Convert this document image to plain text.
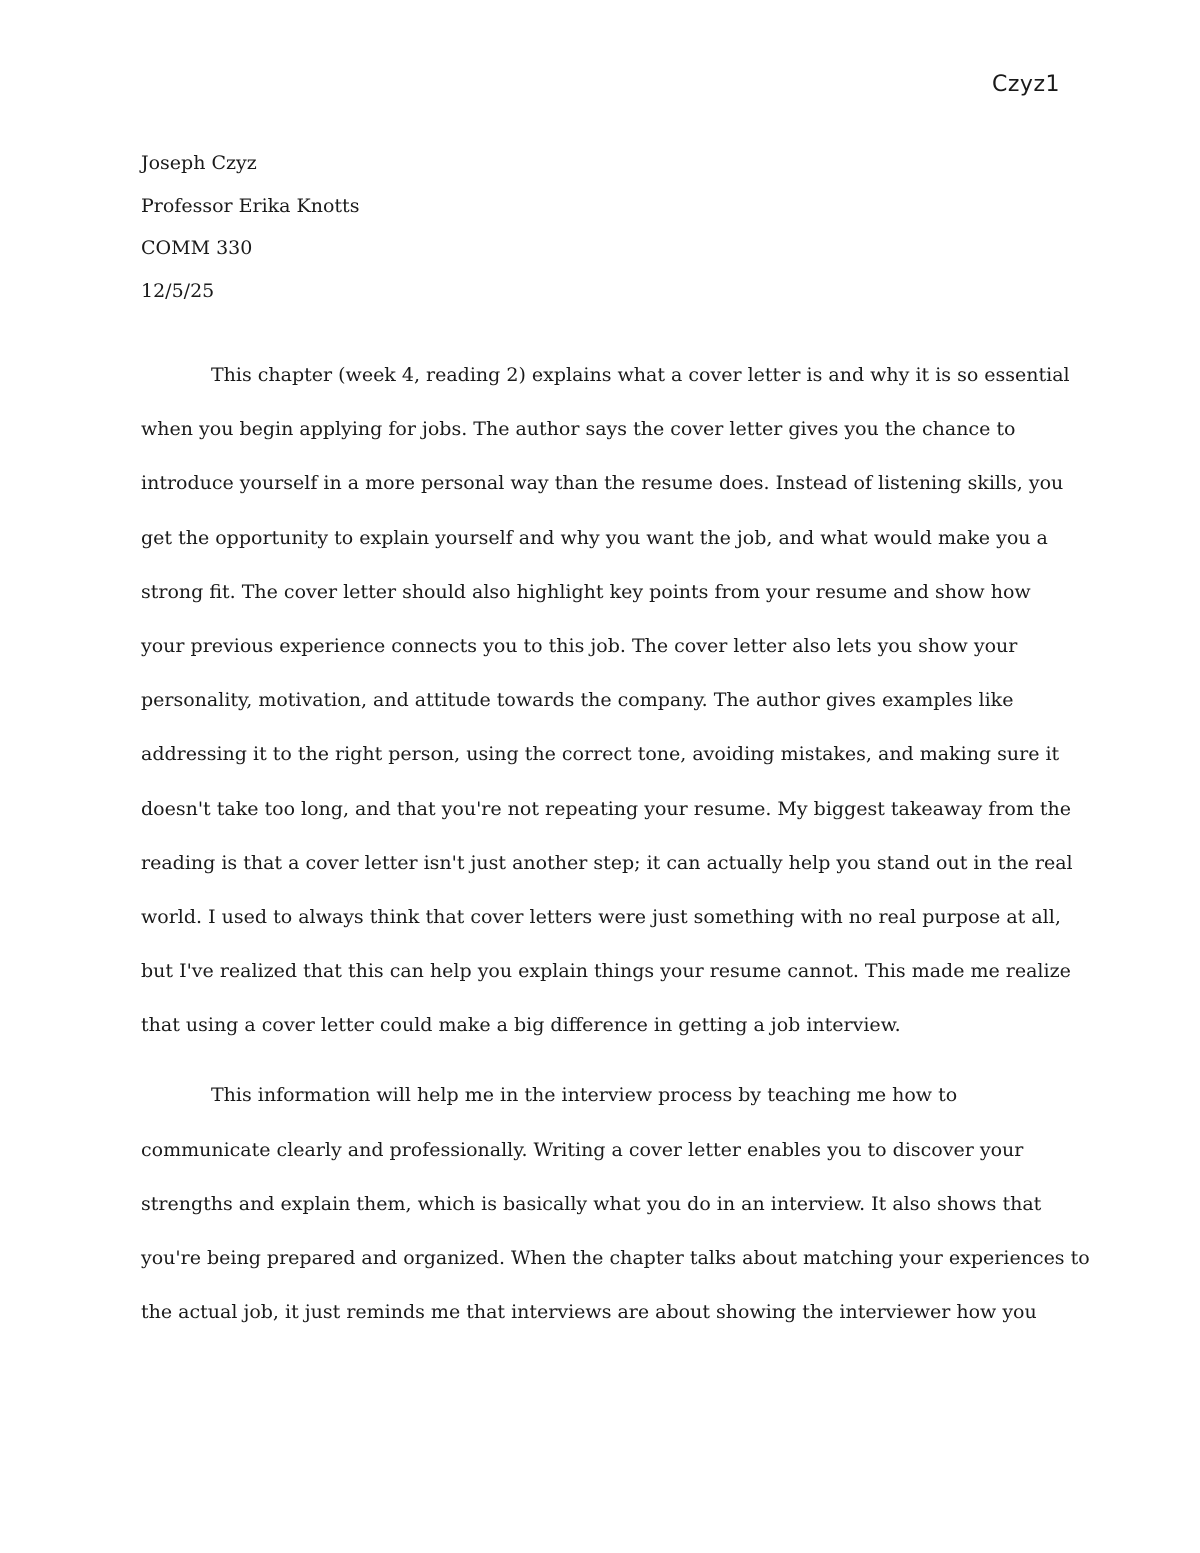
Czyz1
Joseph Czyz
Professor Erika Knotts
COMM 330
12/5/25
This chapter (week 4, reading 2) explains what a cover letter is and why it is so essential
when you begin applying for jobs. The author says the cover letter gives you the chance to
introduce yourself in a more personal way than the resume does. Instead of listening skills, you
get the opportunity to explain yourself and why you want the job, and what would make you a
strong fit. The cover letter should also highlight key points from your resume and show how
your previous experience connects you to this job. The cover letter also lets you show your
personality, motivation, and attitude towards the company. The author gives examples like
addressing it to the right person, using the correct tone, avoiding mistakes, and making sure it
doesn't take too long, and that you're not repeating your resume. My biggest takeaway from the
reading is that a cover letter isn't just another step; it can actually help you stand out in the real
world. I used to always think that cover letters were just something with no real purpose at all,
but I've realized that this can help you explain things your resume cannot. This made me realize
that using a cover letter could make a big difference in getting a job interview.
This information will help me in the interview process by teaching me how to
communicate clearly and professionally. Writing a cover letter enables you to discover your
strengths and explain them, which is basically what you do in an interview. It also shows that
you're being prepared and organized. When the chapter talks about matching your experiences to
the actual job, it just reminds me that interviews are about showing the interviewer how you
